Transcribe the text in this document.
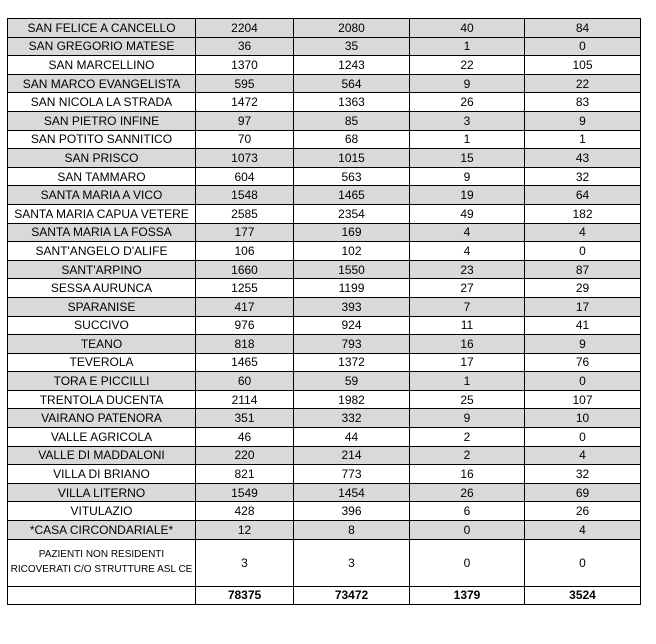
SAN FELICE A CANCELLO	2204	2080	40	84
SAN GREGORIO MATESE	36	35	1	0
SAN MARCELLINO	1370	1243	22	105
SAN MARCO EVANGELISTA	595	564	9	22
SAN NICOLA LA STRADA	1472	1363	26	83
SAN PIETRO INFINE	97	85	3	9
SAN POTITO SANNITICO	70	68	1	1
SAN PRISCO	1073	1015	15	43
SAN TAMMARO	604	563	9	32
SANTA MARIA A VICO	1548	1465	19	64
SANTA MARIA CAPUA VETERE	2585	2354	49	182
SANTA MARIA LA FOSSA	177	169	4	4
SANT'ANGELO D'ALIFE	106	102	4	0
SANT'ARPINO	1660	1550	23	87
SESSA AURUNCA	1255	1199	27	29
SPARANISE	417	393	7	17
SUCCIVO	976	924	11	41
TEANO	818	793	16	9
TEVEROLA	1465	1372	17	76
TORA E PICCILLI	60	59	1	0
TRENTOLA DUCENTA	2114	1982	25	107
VAIRANO PATENORA	351	332	9	10
VALLE AGRICOLA	46	44	2	0
VALLE DI MADDALONI	220	214	2	4
VILLA DI BRIANO	821	773	16	32
VILLA LITERNO	1549	1454	26	69
VITULAZIO	428	396	6	26
*CASA CIRCONDARIALE*	12	8	0	4
PAZIENTI NON RESIDENTI RICOVERATI C/O STRUTTURE ASL CE	3	3	0	0
	78375	73472	1379	3524
